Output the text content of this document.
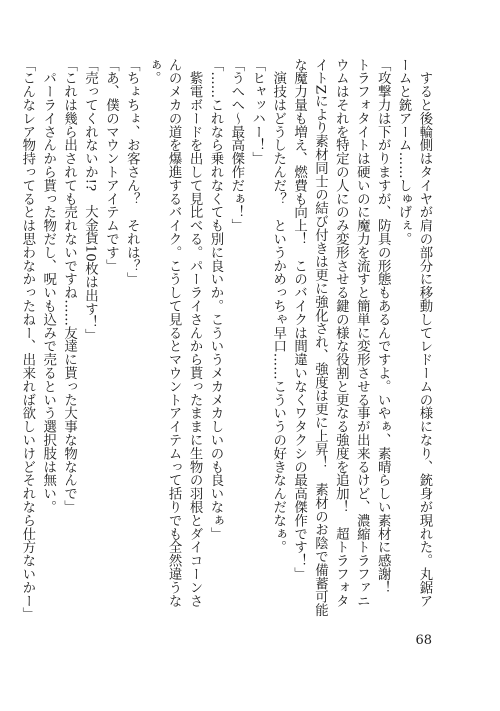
　すると後輪側はタイヤが肩の部分に移動してレドームの様になり、銃身が現れた。丸鋸アームと銃アーム……しゅげぇ。

「攻撃力は下がりますが、防具の形態もあるんですよ。いやぁ、素晴らしい素材に感謝！　トラフォタイトは硬いのに魔力を流すと簡単に変形させる事が出来るけど、濃縮トラファニウムはそれを特定の人にのみ変形させる鍵の様な役割と更なる強度を追加！　超トラフォタイトZにより素材同士の結び付きは更に強化され、強度は更に上昇！　素材のお陰で備蓄可能な魔力量も増え、燃費も向上！　このバイクは間違いなくワタクシの最高傑作です！」

　演技はどうしたんだ？　というかめっちゃ早口……こういうの好きなんだなぁ。

「ヒャッハー！」

「うへへ～最高傑作だぁ！」

「……これなら乗れなくても別に良いか。こういうメカメカしいのも良いなぁ」

　紫電ボードを出して見比べる。パーライさんから貰ったままに生物の羽根とダイコーンさんのメカの道を爆進するバイク。こうして見るとマウントアイテムって括りでも全然違うなぁ。

「ちょちょ、お客さん？　それは？」

「あ、僕のマウントアイテムです」

「売ってくれないか!?　大金貨10枚は出す！」

「これは幾ら出されても売れないですね……友達に貰った大事な物なんで」

　パーライさんから貰った物だし、呪いも込みで売るという選択肢は無い。

「こんなレア物持ってるとは思わなかったねー、出来れば欲しいけどそれなら仕方ないかー」

68
